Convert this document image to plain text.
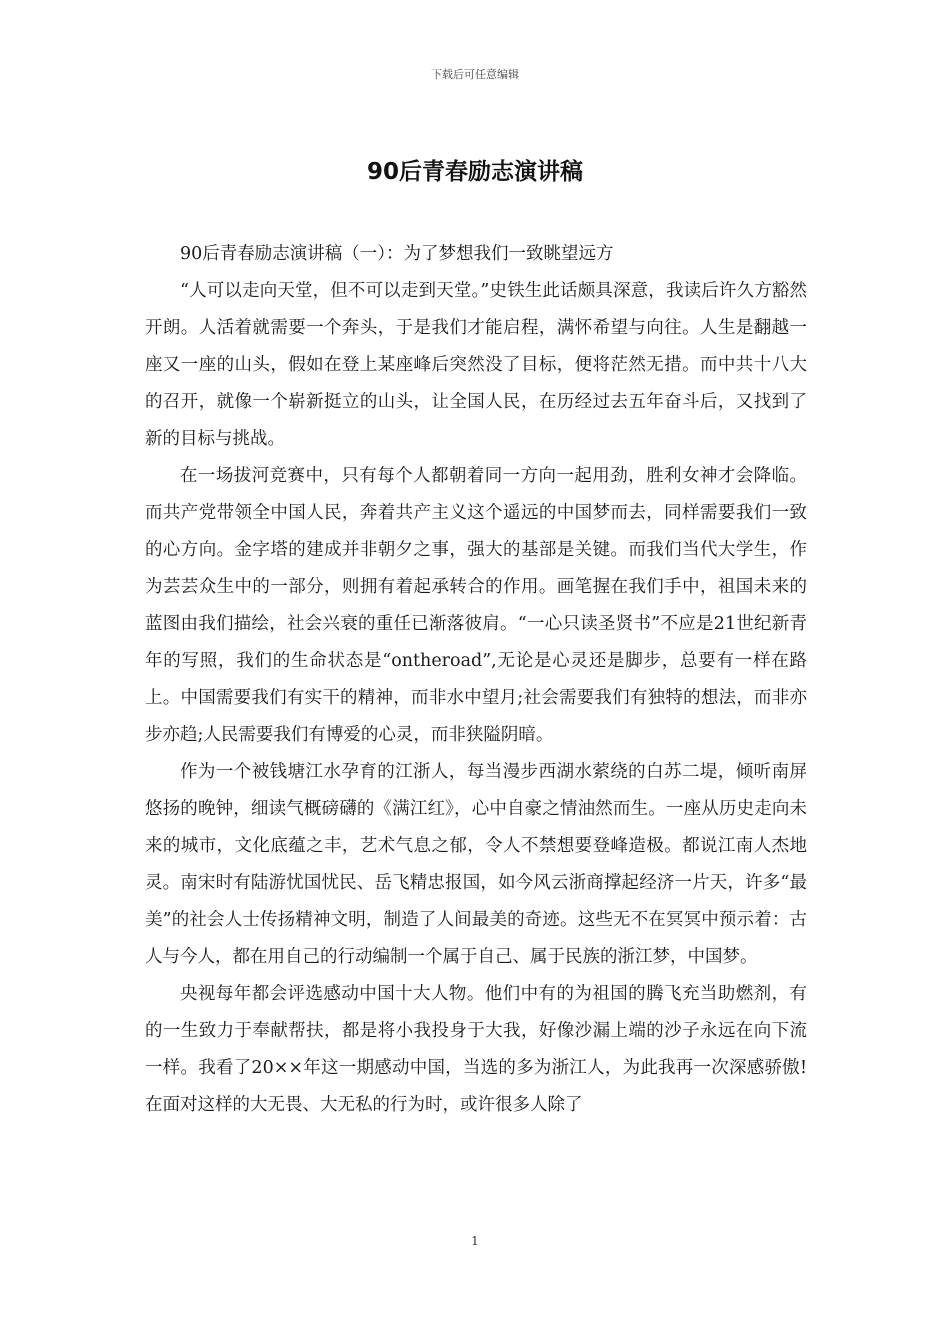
下载后可任意编辑
90后青春励志演讲稿

90后青春励志演讲稿（一）：为了梦想我们一致眺望远方

“人可以走向天堂，但不可以走到天堂。”史铁生此话颇具深意，我读后许久方豁然开朗。人活着就需要一个奔头，于是我们才能启程，满怀希望与向往。人生是翻越一座又一座的山头，假如在登上某座峰后突然没了目标，便将茫然无措。而中共十八大的召开，就像一个崭新挺立的山头，让全国人民，在历经过去五年奋斗后，又找到了新的目标与挑战。

在一场拔河竞赛中，只有每个人都朝着同一方向一起用劲，胜利女神才会降临。而共产党带领全中国人民，奔着共产主义这个遥远的中国梦而去，同样需要我们一致的心方向。金字塔的建成并非朝夕之事，强大的基部是关键。而我们当代大学生，作为芸芸众生中的一部分，则拥有着起承转合的作用。画笔握在我们手中，祖国未来的蓝图由我们描绘，社会兴衰的重任已渐落彼肩。“一心只读圣贤书”不应是21世纪新青年的写照，我们的生命状态是“ontheroad”,无论是心灵还是脚步，总要有一样在路上。中国需要我们有实干的精神，而非水中望月;社会需要我们有独特的想法，而非亦步亦趋;人民需要我们有博爱的心灵，而非狭隘阴暗。

作为一个被钱塘江水孕育的江浙人，每当漫步西湖水萦绕的白苏二堤，倾听南屏悠扬的晚钟，细读气概磅礴的《满江红》，心中自豪之情油然而生。一座从历史走向未来的城市，文化底蕴之丰，艺术气息之郁，令人不禁想要登峰造极。都说江南人杰地灵。南宋时有陆游忧国忧民、岳飞精忠报国，如今风云浙商撑起经济一片天，许多“最美”的社会人士传扬精神文明，制造了人间最美的奇迹。这些无不在冥冥中预示着：古人与今人，都在用自己的行动编制一个属于自己、属于民族的浙江梦，中国梦。

央视每年都会评选感动中国十大人物。他们中有的为祖国的腾飞充当助燃剂，有的一生致力于奉献帮扶，都是将小我投身于大我，好像沙漏上端的沙子永远在向下流一样。我看了20××年这一期感动中国，当选的多为浙江人，为此我再一次深感骄傲!在面对这样的大无畏、大无私的行为时，或许很多人除了

1
